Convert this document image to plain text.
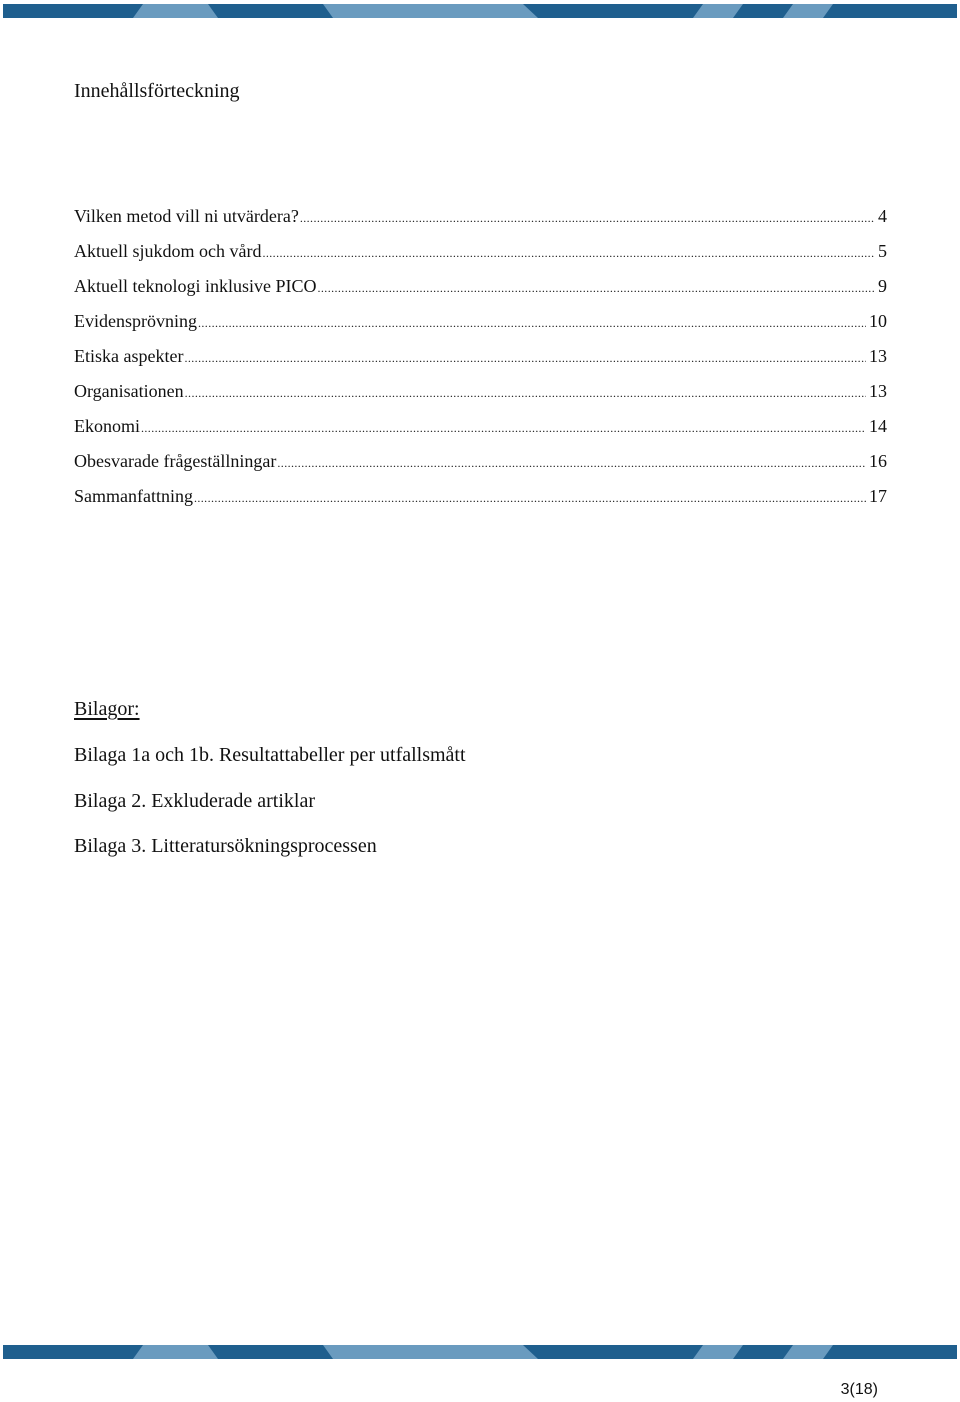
Innehållsförteckning
Vilken metod vill ni utvärdera? .....	4
Aktuell sjukdom och vård .....	5
Aktuell teknologi inklusive PICO .....	9
Evidensprövning .....	10
Etiska aspekter .....	13
Organisationen .....	13
Ekonomi .....	14
Obesvarade frågeställningar .....	16
Sammanfattning .....	17
Bilagor:
Bilaga 1a och 1b. Resultattabeller per utfallsmått
Bilaga 2. Exkluderade artiklar
Bilaga 3. Litteratursökningsprocessen
3(18)
